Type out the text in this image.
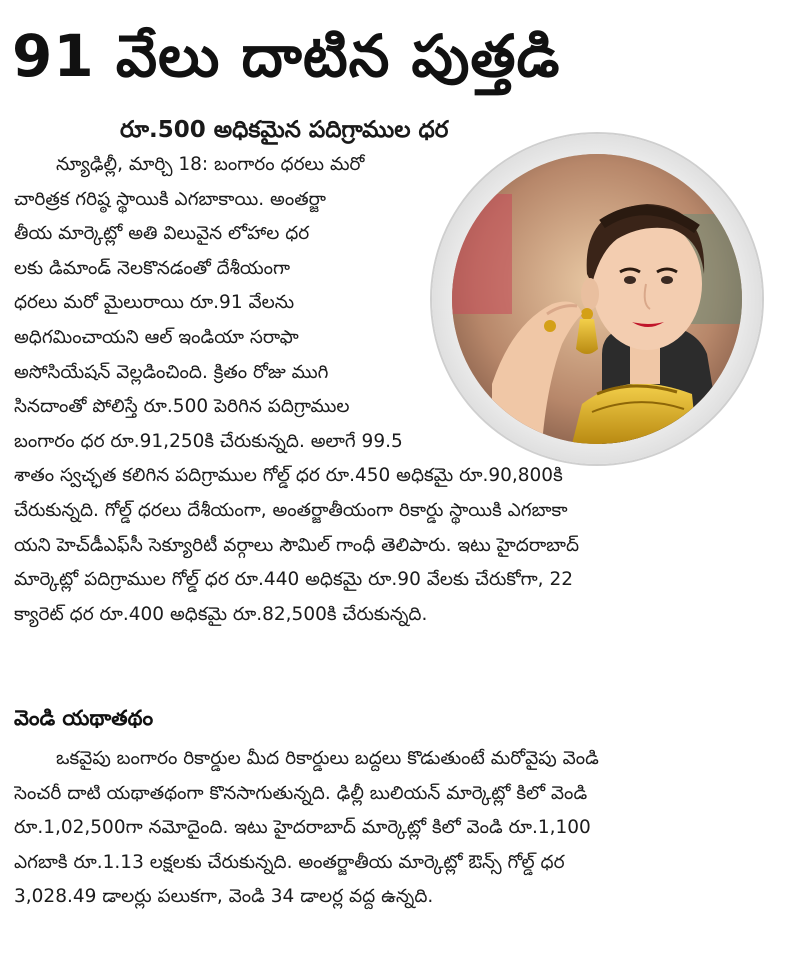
91 వేలు దాటిన పుత్తడి
రూ.500 అధికమైన పదిగ్రాముల ధర
న్యూఢిల్లీ, మార్చి 18: బంగారం ధరలు మరో
చారిత్రక గరిష్ఠ స్థాయికి ఎగబాకాయి. అంతర్జా
తీయ మార్కెట్లో అతి విలువైన లోహాల ధర
లకు డిమాండ్ నెలకొనడంతో దేశీయంగా
ధరలు మరో మైలురాయి రూ.91 వేలను
అధిగమించాయని ఆల్ ఇండియా సరాఫా
అసోసియేషన్ వెల్లడించింది. క్రితం రోజు ముగి
సినదాంతో పోలిస్తే రూ.500 పెరిగిన పదిగ్రాముల
బంగారం ధర రూ.91,250కి చేరుకున్నది. అలాగే 99.5
శాతం స్వచ్ఛత కలిగిన పదిగ్రాముల గోల్డ్ ధర రూ.450 అధికమై రూ.90,800కి
చేరుకున్నది. గోల్డ్ ధరలు దేశీయంగా, అంతర్జాతీయంగా రికార్డు స్థాయికి ఎగబాకా
యని హెచ్‌డీఎఫ్‌సీ సెక్యూరిటీ వర్గాలు సౌమిల్ గాంధీ తెలిపారు. ఇటు హైదరాబాద్
మార్కెట్లో పదిగ్రాముల గోల్డ్ ధర రూ.440 అధికమై రూ.90 వేలకు చేరుకోగా, 22
క్యారెట్ ధర రూ.400 అధికమై రూ.82,500కి చేరుకున్నది.
వెండి యథాతథం
ఒకవైపు బంగారం రికార్డుల మీద రికార్డులు బద్దలు కొడుతుంటే మరోవైపు వెండి
సెంచరీ దాటి యథాతథంగా కొనసాగుతున్నది. ఢిల్లీ బులియన్ మార్కెట్లో కిలో వెండి
రూ.1,02,500గా నమోదైంది. ఇటు హైదరాబాద్ మార్కెట్లో కిలో వెండి రూ.1,100
ఎగబాకి రూ.1.13 లక్షలకు చేరుకున్నది. అంతర్జాతీయ మార్కెట్లో ఔన్స్ గోల్డ్ ధర
3,028.49 డాలర్లు పలుకగా, వెండి 34 డాలర్ల వద్ద ఉన్నది.
